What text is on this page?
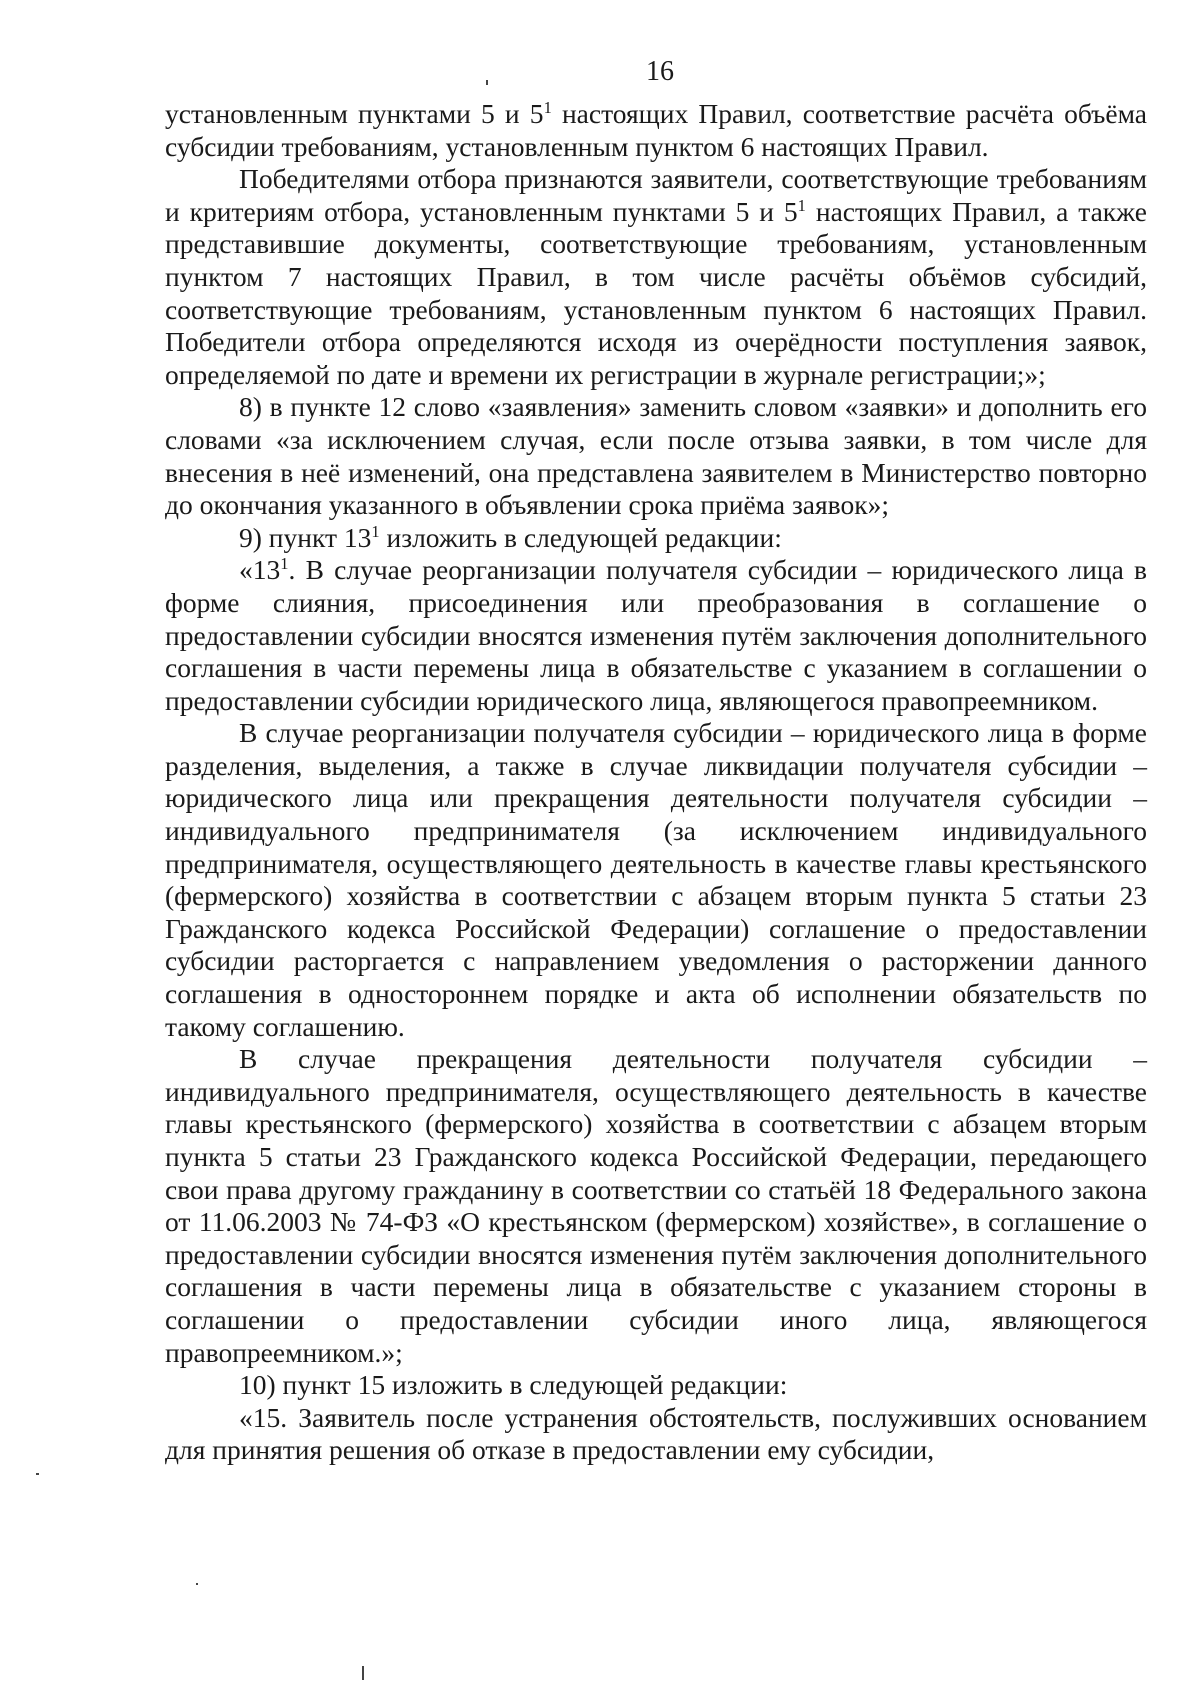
16

установленным пунктами 5 и $5^1$ настоящих Правил, соответствие расчёта объёма субсидии требованиям, установленным пунктом 6 настоящих Правил.

Победителями отбора признаются заявители, соответствующие требованиям и критериям отбора, установленным пунктами 5 и $5^1$ настоящих Правил, а также представившие документы, соответствующие требованиям, установленным пунктом 7 настоящих Правил, в том числе расчёты объёмов субсидий, соответствующие требованиям, установленным пунктом 6 настоящих Правил. Победители отбора определяются исходя из очерёдности поступления заявок, определяемой по дате и времени их регистрации в журнале регистрации;»;

8) в пункте 12 слово «заявления» заменить словом «заявки» и дополнить его словами «за исключением случая, если после отзыва заявки, в том числе для внесения в неё изменений, она представлена заявителем в Министерство повторно до окончания указанного в объявлении срока приёма заявок»;

9) пункт $13^1$ изложить в следующей редакции:

«$13^1$. В случае реорганизации получателя субсидии – юридического лица в форме слияния, присоединения или преобразования в соглашение о предоставлении субсидии вносятся изменения путём заключения дополнительного соглашения в части перемены лица в обязательстве с указанием в соглашении о предоставлении субсидии юридического лица, являющегося правопреемником.

В случае реорганизации получателя субсидии – юридического лица в форме разделения, выделения, а также в случае ликвидации получателя субсидии – юридического лица или прекращения деятельности получателя субсидии – индивидуального предпринимателя (за исключением индивидуального предпринимателя, осуществляющего деятельность в качестве главы крестьянского (фермерского) хозяйства в соответствии с абзацем вторым пункта 5 статьи 23 Гражданского кодекса Российской Федерации) соглашение о предоставлении субсидии расторгается с направлением уведомления о расторжении данного соглашения в одностороннем порядке и акта об исполнении обязательств по такому соглашению.

В случае прекращения деятельности получателя субсидии – индивидуального предпринимателя, осуществляющего деятельность в качестве главы крестьянского (фермерского) хозяйства в соответствии с абзацем вторым пункта 5 статьи 23 Гражданского кодекса Российской Федерации, передающего свои права другому гражданину в соответствии со статьёй 18 Федерального закона от 11.06.2003 № 74-ФЗ «О крестьянском (фермерском) хозяйстве», в соглашение о предоставлении субсидии вносятся изменения путём заключения дополнительного соглашения в части перемены лица в обязательстве с указанием стороны в соглашении о предоставлении субсидии иного лица, являющегося правопреемником.»;

10) пункт 15 изложить в следующей редакции:

«15. Заявитель после устранения обстоятельств, послуживших основанием для принятия решения об отказе в предоставлении ему субсидии,
